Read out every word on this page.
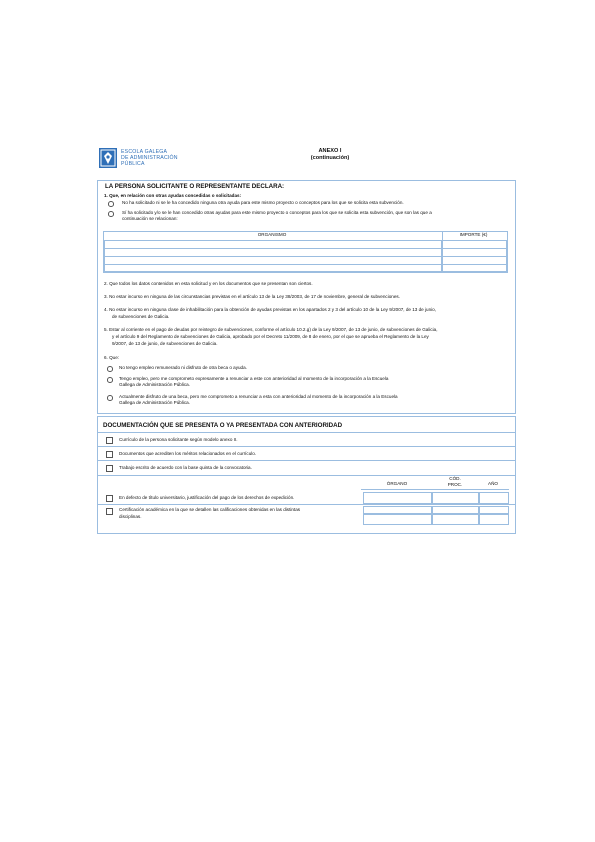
ESCOLA GALEGA
DE ADMINISTRACIÓN
PÚBLICA
ANEXO I
(continuación)
LA PERSONA SOLICITANTE O REPRESENTANTE DECLARA:
1. Que, en relación con otras ayudas concedidas o solicitadas:
No ha solicitado ni se le ha concedido ninguna otra ayuda para este mismo proyecto o conceptos para los que se solicita esta subvención.
Sí ha solicitado y/o se le han concedido otras ayudas para este mismo proyecto o conceptos para los que se solicita esta subvención, que son las que a
continuación se relacionan:
ORGANISMO	IMPORTE (€)
2. Que todos los datos contenidos en esta solicitud y en los documentos que se presentan son ciertos.
3. No estar incurso en ninguna de las circunstancias previstas en el artículo 13 de la Ley 38/2003, de 17 de noviembre, general de subvenciones.
4. No estar incurso en ninguna clase de inhabilitación para la obtención de ayudas previstas en los apartados 2 y 3 del artículo 10 de la Ley 9/2007, de 13 de junio,
de subvenciones de Galicia.
5. Estar al corriente en el pago de deudas por reintegro de subvenciones, conforme el artículo 10.2.g) de la Ley 9/2007, de 13 de junio, de subvenciones de Galicia,
y el artículo 9 del Reglamento de subvenciones de Galicia, aprobado por el Decreto 11/2009, de 8 de enero, por el que se aprueba el Reglamento de la Ley
9/2007, de 13 de junio, de subvenciones de Galicia.
6. Que:
No tengo empleo remunerado ni disfruto de otra beca o ayuda.
Tengo empleo, pero me comprometo expresamente a renunciar a este con anterioridad al momento de la incorporación a la Escuela
Gallega de Administración Pública.
Actualmente disfruto de una beca, pero me comprometo a renunciar a esta con anterioridad al momento de la incorporación a la Escuela
Gallega de Administración Pública.
DOCUMENTACIÓN QUE SE PRESENTA O YA PRESENTADA CON ANTERIORIDAD
Currículo de la persona solicitante según modelo anexo II.
Documentos que acrediten los méritos relacionados en el currículo.
Trabajo escrito de acuerdo con la base quinta de la convocatoria.
ÓRGANO
CÓD.
PROC.	AÑO
En defecto de título universitario, justificación del pago de los derechos de expedición.
Certificación académica en la que se detallen las calificaciones obtenidas en las distintas
disciplinas.
